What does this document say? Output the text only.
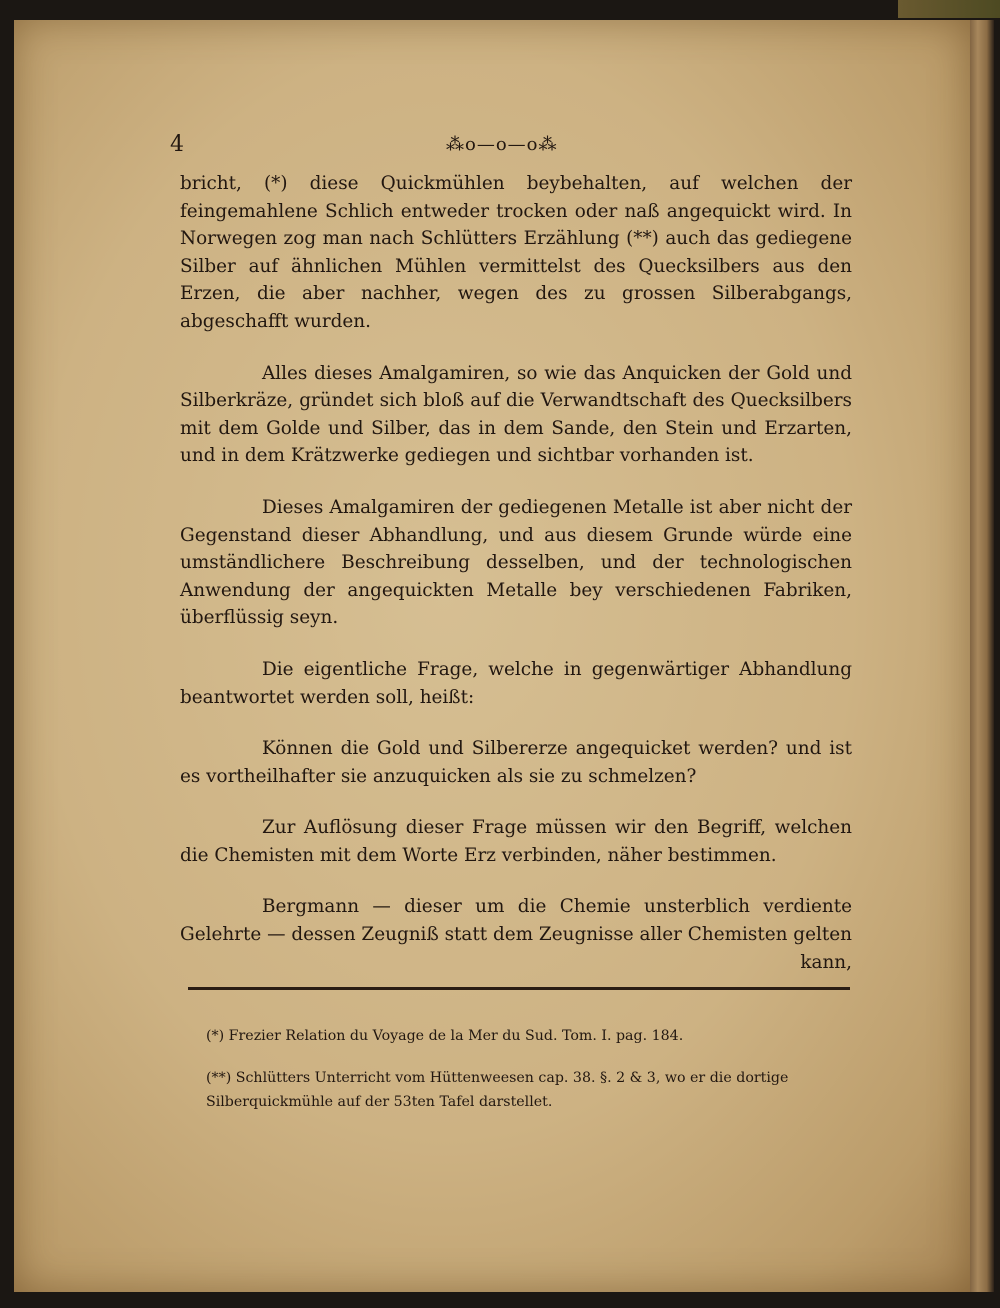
4	⁂o—o—o⁂

bricht, (*) diese Quickmühlen beybehalten, auf welchen der feingemahlene Schlich entweder trocken oder naß angequickt wird. In Norwegen zog man nach Schlütters Erzählung (**) auch das gediegene Silber auf ähnlichen Mühlen vermittelst des Quecksilbers aus den Erzen, die aber nachher, wegen des zu grossen Silberabgangs, abgeschafft wurden.

Alles dieses Amalgamiren, so wie das Anquicken der Gold und Silberkräze, gründet sich bloß auf die Verwandtschaft des Quecksilbers mit dem Golde und Silber, das in dem Sande, den Stein und Erzarten, und in dem Krätzwerke gediegen und sichtbar vorhanden ist.

Dieses Amalgamiren der gediegenen Metalle ist aber nicht der Gegenstand dieser Abhandlung, und aus diesem Grunde würde eine umständlichere Beschreibung desselben, und der technologischen Anwendung der angequickten Metalle bey verschiedenen Fabriken, überflüssig seyn.

Die eigentliche Frage, welche in gegenwärtiger Abhandlung beantwortet werden soll, heißt:

Können die Gold und Silbererze angequicket werden? und ist es vortheilhafter sie anzuquicken als sie zu schmelzen?

Zur Auflösung dieser Frage müssen wir den Begriff, welchen die Chemisten mit dem Worte Erz verbinden, näher bestimmen.

Bergmann — dieser um die Chemie unsterblich verdiente Gelehrte — dessen Zeugniß statt dem Zeugnisse aller Chemisten gelten

kann,

(*) Frezier Relation du Voyage de la Mer du Sud. Tom. I. pag. 184.

(**) Schlütters Unterricht vom Hüttenweesen cap. 38. §. 2 & 3, wo er die dortige Silberquickmühle auf der 53ten Tafel darstellet.
